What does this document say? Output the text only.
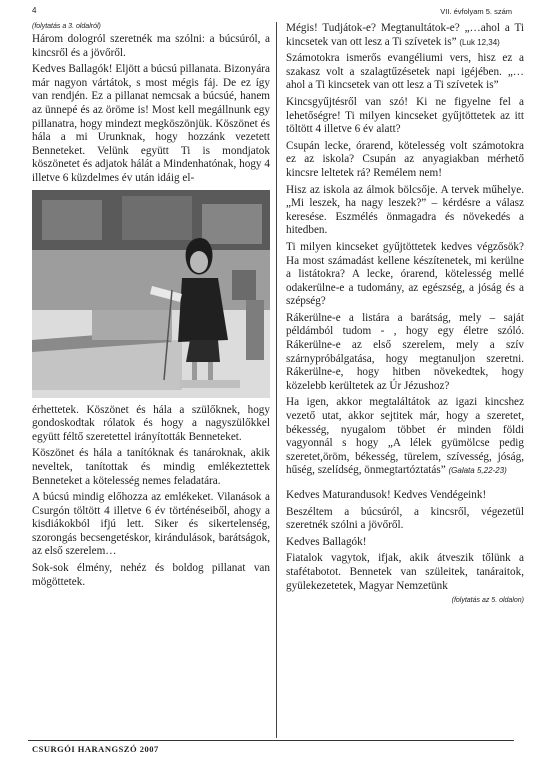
4	VII. évfolyam 5. szám

(folytatás a 3. oldalról)

Három dologról szeretnék ma szólni: a búcsúról, a kincsről és a jövőről.

Kedves Ballagók! Eljött a búcsú pillanata. Bizonyára már nagyon vártátok, s most mégis fáj. De ez így van rendjén. Ez a pillanat nemcsak a búcsúé, hanem az ünnepé és az öröme is! Most kell megállnunk egy pillanatra, hogy mindezt megköszönjük. Köszönet és hála a mi Urunknak, hogy hozzánk vezetett Benneteket. Velünk együtt Ti is mondjatok köszönetet és adjatok hálát a Mindenhatónak, hogy 4 illetve 6 küzdelmes év után idáig el-

érhettetek. Köszönet és hála a szülőknek, hogy gondoskodtak rólatok és hogy a nagyszülőkkel együtt féltő szeretettel irányították Benneteket.

Köszönet és hála a tanítóknak és tanároknak, akik neveltek, tanítottak és mindig emlékeztettek Benneteket a kötelesség nemes feladatára.

A búcsú mindig előhozza az emlékeket. Vilanások a Csurgón töltött 4 illetve 6 év történéseiből, ahogy a kisdiákokból ifjú lett. Siker és sikertelenség, szorongás becsengetéskor, kirándulások, barátságok, az első szerelem…

Sok-sok élmény, nehéz és boldog pillanat van mögöttetek.

Mégis! Tudjátok-e? Megtanultátok-e? „…ahol a Ti kincsetek van ott lesz a Ti szívetek is” (Luk 12,34)

Számotokra ismerős evangéliumi vers, hisz ez a szakasz volt a szalagtűzésetek napi igéjében. „…ahol a Ti kincsetek van ott lesz a Ti szívetek is”

Kincsgyűjtésről van szó! Ki ne figyelne fel a lehetőségre! Ti milyen kincseket gyűjtöttetek az itt töltött 4 illetve 6 év alatt?

Csupán lecke, órarend, kötelesség volt számotokra ez az iskola? Csupán az anyagiakban mérhető kincsre leltetek rá? Remélem nem!

Hisz az iskola az álmok bölcsője. A tervek műhelye. „Mi leszek, ha nagy leszek?” – kérdésre a válasz keresése. Eszmélés önmagadra és növekedés a hitedben.

Ti milyen kincseket gyűjtöttetek kedves végzősök? Ha most számadást kellene készítenetek, mi kerülne a listátokra? A lecke, órarend, kötelesség mellé odakerülne-e a tudomány, az egészség, a jóság és a szépség?

Rákerülne-e a listára a barátság, mely – saját példámból tudom - , hogy egy életre szóló. Rákerülne-e az első szerelem, mely a szív szárnypróbálgatása, hogy megtanuljon szeretni. Rákerülne-e, hogy hitben növekedtek, hogy közelebb kerültetek az Úr Jézushoz?

Ha igen, akkor megtaláltátok az igazi kincshez vezető utat, akkor sejtitek már, hogy a szeretet, békesség, nyugalom többet ér minden földi vagyonnál s hogy „A lélek gyümölcse pedig szeretet,öröm, békesség, türelem, szívesség, jóság, hűség, szelídség, önmegtartóztatás” (Galata 5,22-23)

Kedves Maturandusok! Kedves Vendégeink!

Beszéltem a búcsúról, a kincsről, végezetül szeretnék szólni a jövőről.

Kedves Ballagók!

Fiatalok vagytok, ifjak, akik átveszik tőlünk a stafétabotot. Bennetek van szüleitek, tanáraitok, gyülekezetetek, Magyar Nemzetünk

(folytatás az 5. oldalon)

CSURGÓI HARANGSZÓ 2007
